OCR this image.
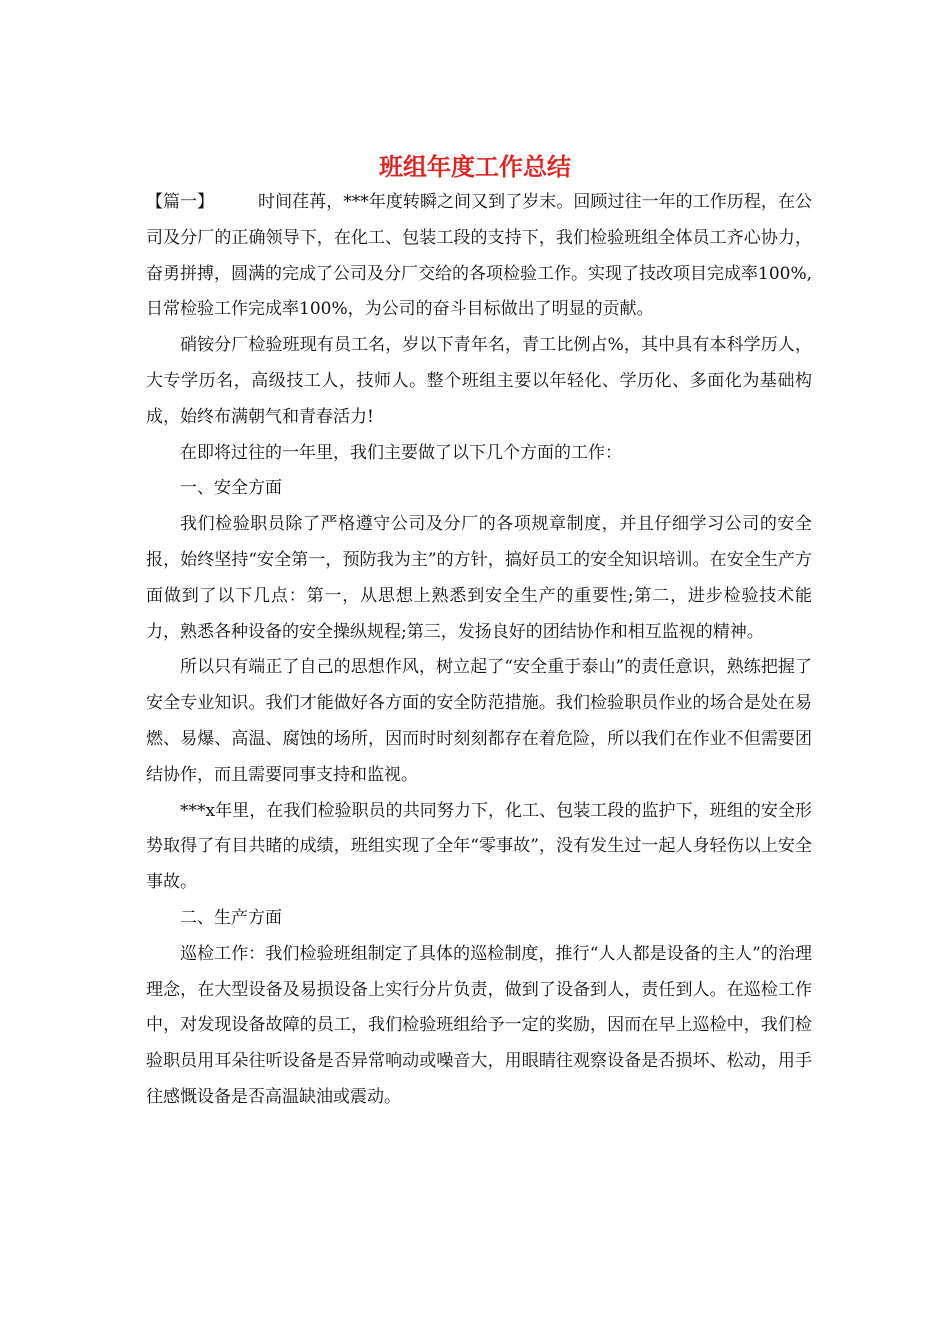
班组年度工作总结

【篇一】	时间荏苒，***年度转瞬之间又到了岁末。回顾过往一年的工作历程，在公司及分厂的正确领导下，在化工、包装工段的支持下，我们检验班组全体员工齐心协力，奋勇拼搏，圆满的完成了公司及分厂交给的各项检验工作。实现了技改项目完成率100%,日常检验工作完成率100%，为公司的奋斗目标做出了明显的贡献。

硝铵分厂检验班现有员工名，岁以下青年名，青工比例占%，其中具有本科学历人，大专学历名，高级技工人，技师人。整个班组主要以年轻化、学历化、多面化为基础构成，始终布满朝气和青春活力!

在即将过往的一年里，我们主要做了以下几个方面的工作：

一、安全方面

我们检验职员除了严格遵守公司及分厂的各项规章制度，并且仔细学习公司的安全报，始终坚持“安全第一，预防我为主”的方针，搞好员工的安全知识培训。在安全生产方面做到了以下几点：第一，从思想上熟悉到安全生产的重要性;第二，进步检验技术能力，熟悉各种设备的安全操纵规程;第三，发扬良好的团结协作和相互监视的精神。

所以只有端正了自己的思想作风，树立起了“安全重于泰山”的责任意识，熟练把握了安全专业知识。我们才能做好各方面的安全防范措施。我们检验职员作业的场合是处在易燃、易爆、高温、腐蚀的场所，因而时时刻刻都存在着危险，所以我们在作业不但需要团结协作，而且需要同事支持和监视。

***x年里，在我们检验职员的共同努力下，化工、包装工段的监护下，班组的安全形势取得了有目共睹的成绩，班组实现了全年“零事故”，没有发生过一起人身轻伤以上安全事故。

二、生产方面

巡检工作：我们检验班组制定了具体的巡检制度，推行“人人都是设备的主人”的治理理念，在大型设备及易损设备上实行分片负责，做到了设备到人，责任到人。在巡检工作中，对发现设备故障的员工，我们检验班组给予一定的奖励，因而在早上巡检中，我们检验职员用耳朵往听设备是否异常响动或噪音大，用眼睛往观察设备是否损坏、松动，用手往感慨设备是否高温缺油或震动。
